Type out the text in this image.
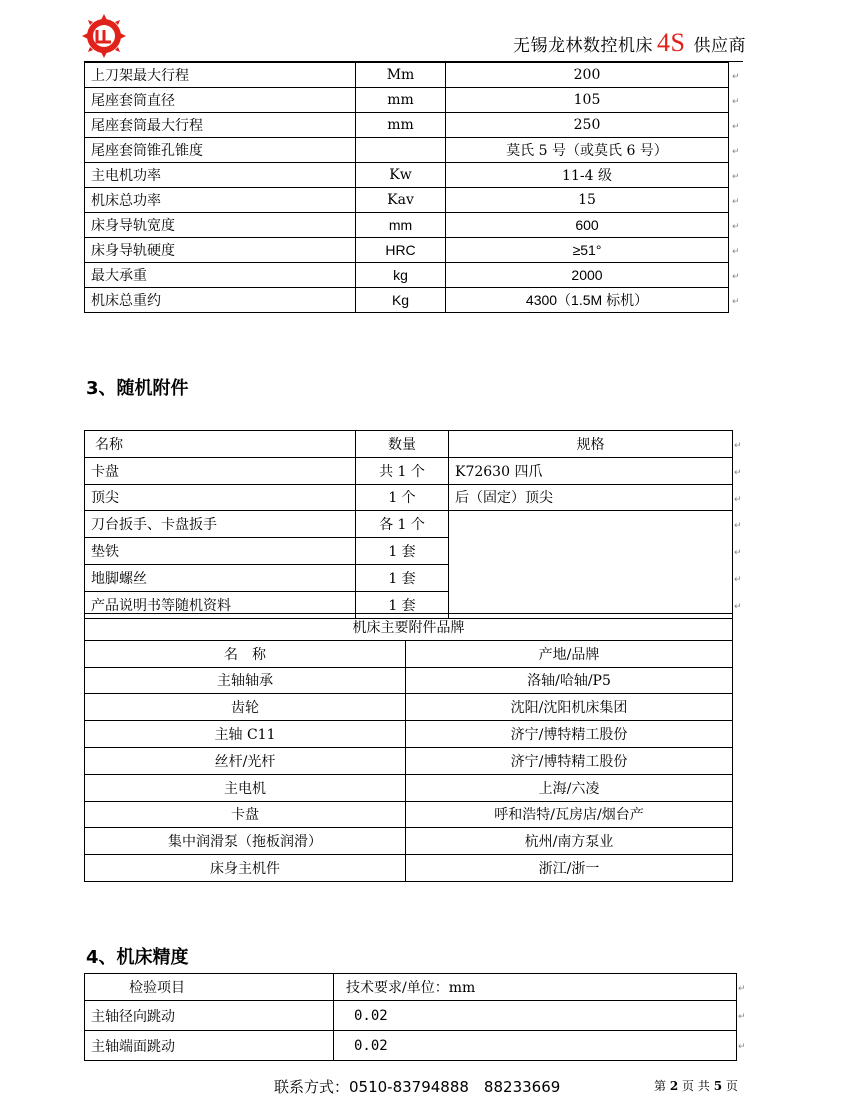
无锡龙林数控机床 4S 供应商
上刀架最大行程	Mm	200
尾座套筒直径	mm	105
尾座套筒最大行程	mm	250
尾座套筒锥孔锥度		莫氏 5 号（或莫氏 6 号）
主电机功率	Kw	11-4 级
机床总功率	Kav	15
床身导轨宽度	mm	600
床身导轨硬度	HRC	≥51°
最大承重	kg	2000
机床总重约	Kg	4300（1.5M 标机）
3、随机附件
名称	数量	规格
卡盘	共 1 个	K72630 四爪
顶尖	1 个	后（固定）顶尖
刀台扳手、卡盘扳手	各 1 个	
垫铁	1 套	
地脚螺丝	1 套	
产品说明书等随机资料	1 套	
机床主要附件品牌	
名　称	产地/品牌
主轴轴承	洛轴/哈轴/P5
齿轮	沈阳/沈阳机床集团
主轴 C11	济宁/博特精工股份
丝杆/光杆	济宁/博特精工股份
主电机	上海/六凌
卡盘	呼和浩特/瓦房店/烟台产
集中润滑泵（拖板润滑）	杭州/南方泵业
床身主机件	浙江/浙一
4、机床精度
检验项目	技术要求/单位：mm
主轴径向跳动	0.02
主轴端面跳动	0.02
↵
↵
↵
↵
↵
↵
↵
↵
↵
↵
↵
↵
↵
↵
↵
↵
↵
↵
↵
↵
联系方式：0510-83794888　88233669	第 2 页 共 5 页
